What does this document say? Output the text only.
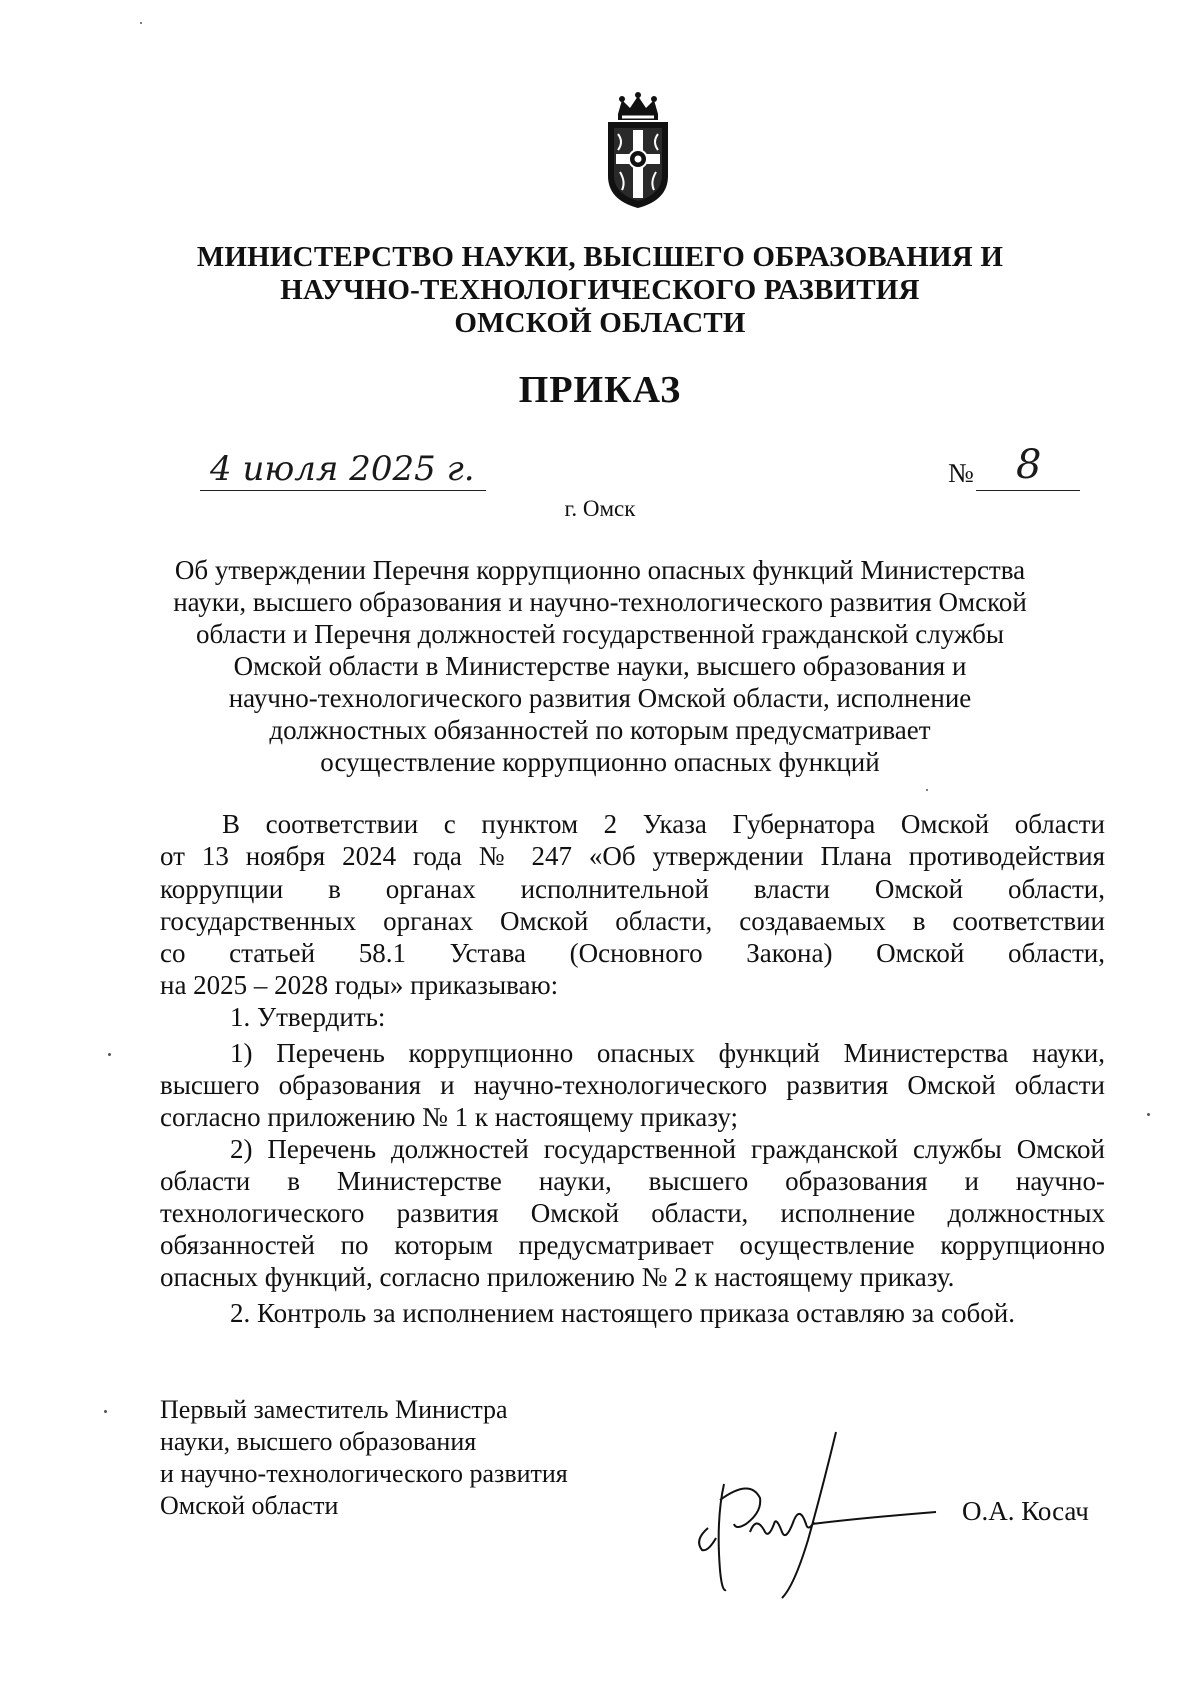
МИНИСТЕРСТВО НАУКИ, ВЫСШЕГО ОБРАЗОВАНИЯ И
НАУЧНО-ТЕХНОЛОГИЧЕСКОГО РАЗВИТИЯ
ОМСКОЙ ОБЛАСТИ
ПРИКАЗ
4 июля 2025 г.	№ 8
г. Омск
Об утверждении Перечня коррупционно опасных функций Министерства
науки, высшего образования и научно-технологического развития Омской
области и Перечня должностей государственной гражданской службы
Омской области в Министерстве науки, высшего образования и
научно-технологического развития Омской области, исполнение
должностных обязанностей по которым предусматривает
осуществление коррупционно опасных функций
В соответствии с пунктом 2 Указа Губернатора Омской области
от 13 ноября 2024 года № 247 «Об утверждении Плана противодействия
коррупции в органах исполнительной власти Омской области,
государственных органах Омской области, создаваемых в соответствии
со статьей 58.1 Устава (Основного Закона) Омской области,
на 2025 – 2028 годы» приказываю:
1. Утвердить:
1) Перечень коррупционно опасных функций Министерства науки,
высшего образования и научно-технологического развития Омской области
согласно приложению № 1 к настоящему приказу;
2) Перечень должностей государственной гражданской службы Омской
области в Министерстве науки, высшего образования и научно-
технологического развития Омской области, исполнение должностных
обязанностей по которым предусматривает осуществление коррупционно
опасных функций, согласно приложению № 2 к настоящему приказу.
2. Контроль за исполнением настоящего приказа оставляю за собой.
Первый заместитель Министра
науки, высшего образования
и научно-технологического развития
Омской области	О.А. Косач
